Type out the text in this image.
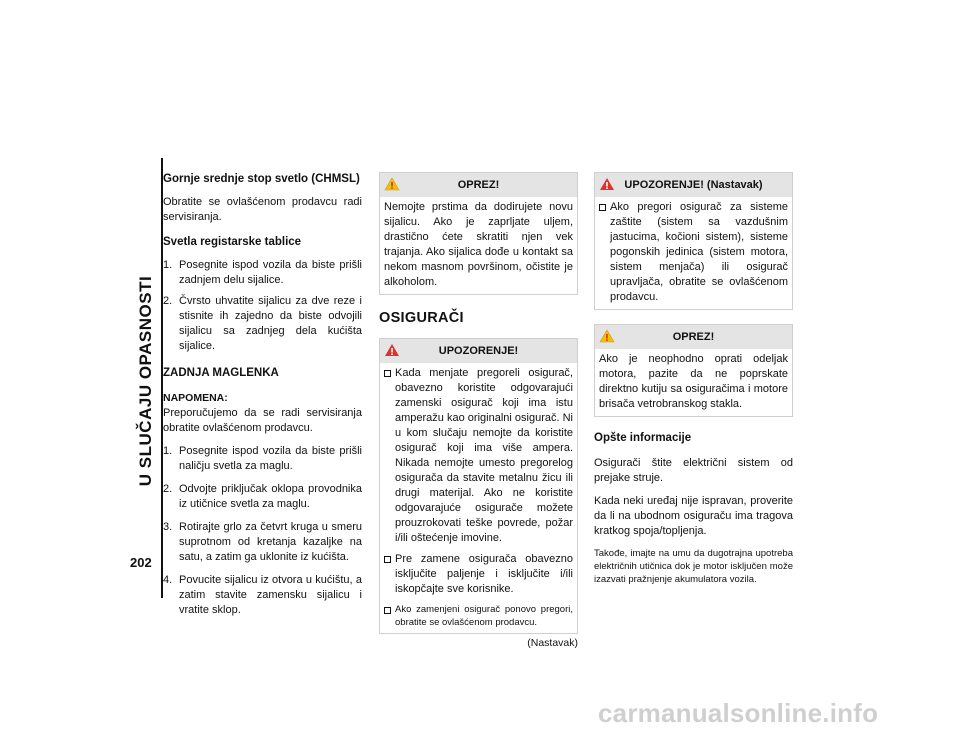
U SLUČAJU OPASNOSTI
202
Gornje srednje stop svetlo (CHMSL)

Obratite se ovlašćenom prodavcu radi servisiranja.

Svetla registarske tablice
1. Posegnite ispod vozila da biste prišli zadnjem delu sijalice.
2. Čvrsto uhvatite sijalicu za dve reze i stisnite ih zajedno da biste odvojili sijalicu sa zadnjeg dela kućišta sijalice.
ZADNJA MAGLENKA
NAPOMENA:

Preporučujemo da se radi servisiranja obratite ovlašćenom prodavcu.

1. Posegnite ispod vozila da biste prišli naličju svetla za maglu.
2. Odvojte priključak oklopa provodnika iz utičnice svetla za maglu.
3. Rotirajte grlo za četvrt kruga u smeru suprotnom od kretanja kazaljke na satu, a zatim ga uklonite iz kućišta.
4. Povucite sijalicu iz otvora u kućištu, a zatim stavite zamensku sijalicu i vratite sklop.
OPREZ!
Nemojte prstima da dodirujete novu sijalicu. Ako je zaprljate uljem, drastično ćete skratiti njen vek trajanja. Ako sijalica dođe u kontakt sa nekom masnom površinom, očistite je alkoholom.
OSIGURAČI
UPOZORENJE!
Kada menjate pregoreli osigurač, obavezno koristite odgovarajući zamenski osigurač koji ima istu amperažu kao originalni osigurač. Ni u kom slučaju nemojte da koristite osigurač koji ima više ampera. Nikada nemojte umesto pregorelog osigurača da stavite metalnu žicu ili drugi materijal. Ako ne koristite odgovarajuće osigurače možete prouzrokovati teške povrede, požar i/ili oštećenje imovine.
Pre zamene osigurača obavezno isključite paljenje i isključite i/ili iskopčajte sve korisnike.
Ako zamenjeni osigurač ponovo pregori, obratite se ovlašćenom prodavcu.
(Nastavak)
UPOZORENJE! (Nastavak)
Ako pregori osigurač za sisteme zaštite (sistem sa vazdušnim jastucima, kočioni sistem), sisteme pogonskih jedinica (sistem motora, sistem menjača) ili osigurač upravljača, obratite se ovlašćenom prodavcu.
OPREZ!
Ako je neophodno oprati odeljak motora, pazite da ne poprskate direktno kutiju sa osiguračima i motore brisača vetrobranskog stakla.
Opšte informacije

Osigurači štite električni sistem od prejake struje.

Kada neki uređaj nije ispravan, proverite da li na ubodnom osiguraču ima tragova kratkog spoja/topljenja.

Takođe, imajte na umu da dugotrajna upotreba električnih utičnica dok je motor isključen može izazvati pražnjenje akumulatora vozila.

carmanualsonline.info
